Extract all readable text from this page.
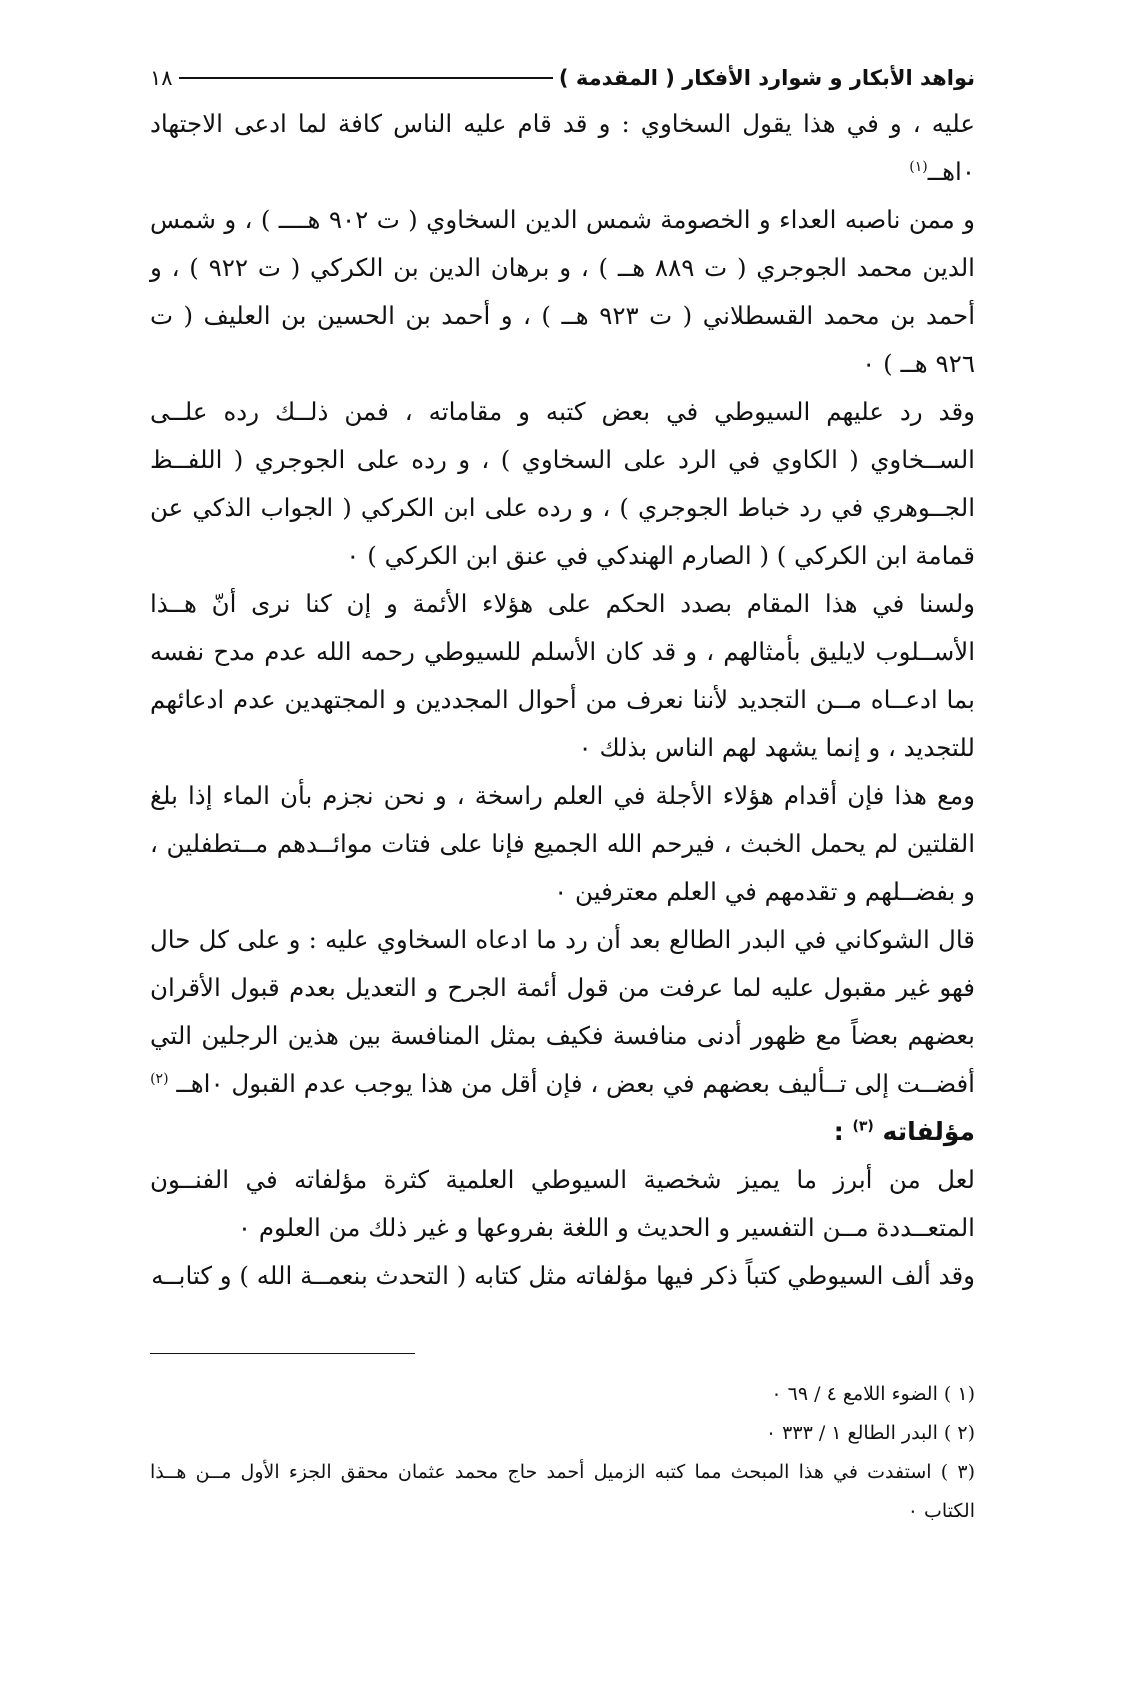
نواهد الأبكار و شوارد الأفكار ( المقدمة )
١٨

عليه ، و في هذا يقول السخاوي : و قد قام عليه الناس كافة لما ادعى الاجتهاد ٠اهــ$^{(١)}$

و ممن ناصبه العداء و الخصومة شمس الدين السخاوي ( ت ٩٠٢ هــــ ) ، و شمس الدين محمد الجوجري ( ت ٨٨٩ هــ ) ، و برهان الدين بن الكركي ( ت ٩٢٢ ) ، و أحمد بن محمد القسطلاني ( ت ٩٢٣ هــ ) ، و أحمد بن الحسين بن العليف ( ت ٩٢٦ هــ ) ٠

وقد رد عليهم السيوطي في بعض كتبه و مقاماته ، فمن ذلــك رده علــى الســخاوي ( الكاوي في الرد على السخاوي ) ، و رده على الجوجري ( اللفــظ الجــوهري في رد خباط الجوجري ) ، و رده على ابن الكركي ( الجواب الذكي عن قمامة ابن الكركي ) ( الصارم الهندكي في عنق ابن الكركي ) ٠

ولسنا في هذا المقام بصدد الحكم على هؤلاء الأئمة و إن كنا نرى أنّ هــذا الأســلوب لايليق بأمثالهم ، و قد كان الأسلم للسيوطي رحمه الله عدم مدح نفسه بما ادعــاه مــن التجديد لأننا نعرف من أحوال المجددين و المجتهدين عدم ادعائهم للتجديد ، و إنما يشهد لهم الناس بذلك ٠

ومع هذا فإن أقدام هؤلاء الأجلة في العلم راسخة ، و نحن نجزم بأن الماء إذا بلغ القلتين لم يحمل الخبث ، فيرحم الله الجميع فإنا على فتات موائــدهم مــتطفلين ، و بفضــلهم و تقدمهم في العلم معترفين ٠

قال الشوكاني في البدر الطالع بعد أن رد ما ادعاه السخاوي عليه : و على كل حال فهو غير مقبول عليه لما عرفت من قول أئمة الجرح و التعديل بعدم قبول الأقران بعضهم بعضاً مع ظهور أدنى منافسة فكيف بمثل المنافسة بين هذين الرجلين التي أفضــت إلى تــأليف بعضهم في بعض ، فإن أقل من هذا يوجب عدم القبول ٠اهــ $^{(٢)}$

مؤلفاته $^{(٣)}$ :

لعل من أبرز ما يميز شخصية السيوطي العلمية كثرة مؤلفاته في الفنــون المتعــددة مــن التفسير و الحديث و اللغة بفروعها و غير ذلك من العلوم ٠

وقد ألف السيوطي كتباً ذكر فيها مؤلفاته مثل كتابه ( التحدث بنعمــة الله ) و كتابــه

(١ ) الضوء اللامع ٤ / ٦٩ ٠

(٢ ) البدر الطالع ١ / ٣٣٣ ٠

(٣ ) استفدت في هذا المبحث مما كتبه الزميل أحمد حاج محمد عثمان محقق الجزء الأول مــن هــذا الكتاب ٠
